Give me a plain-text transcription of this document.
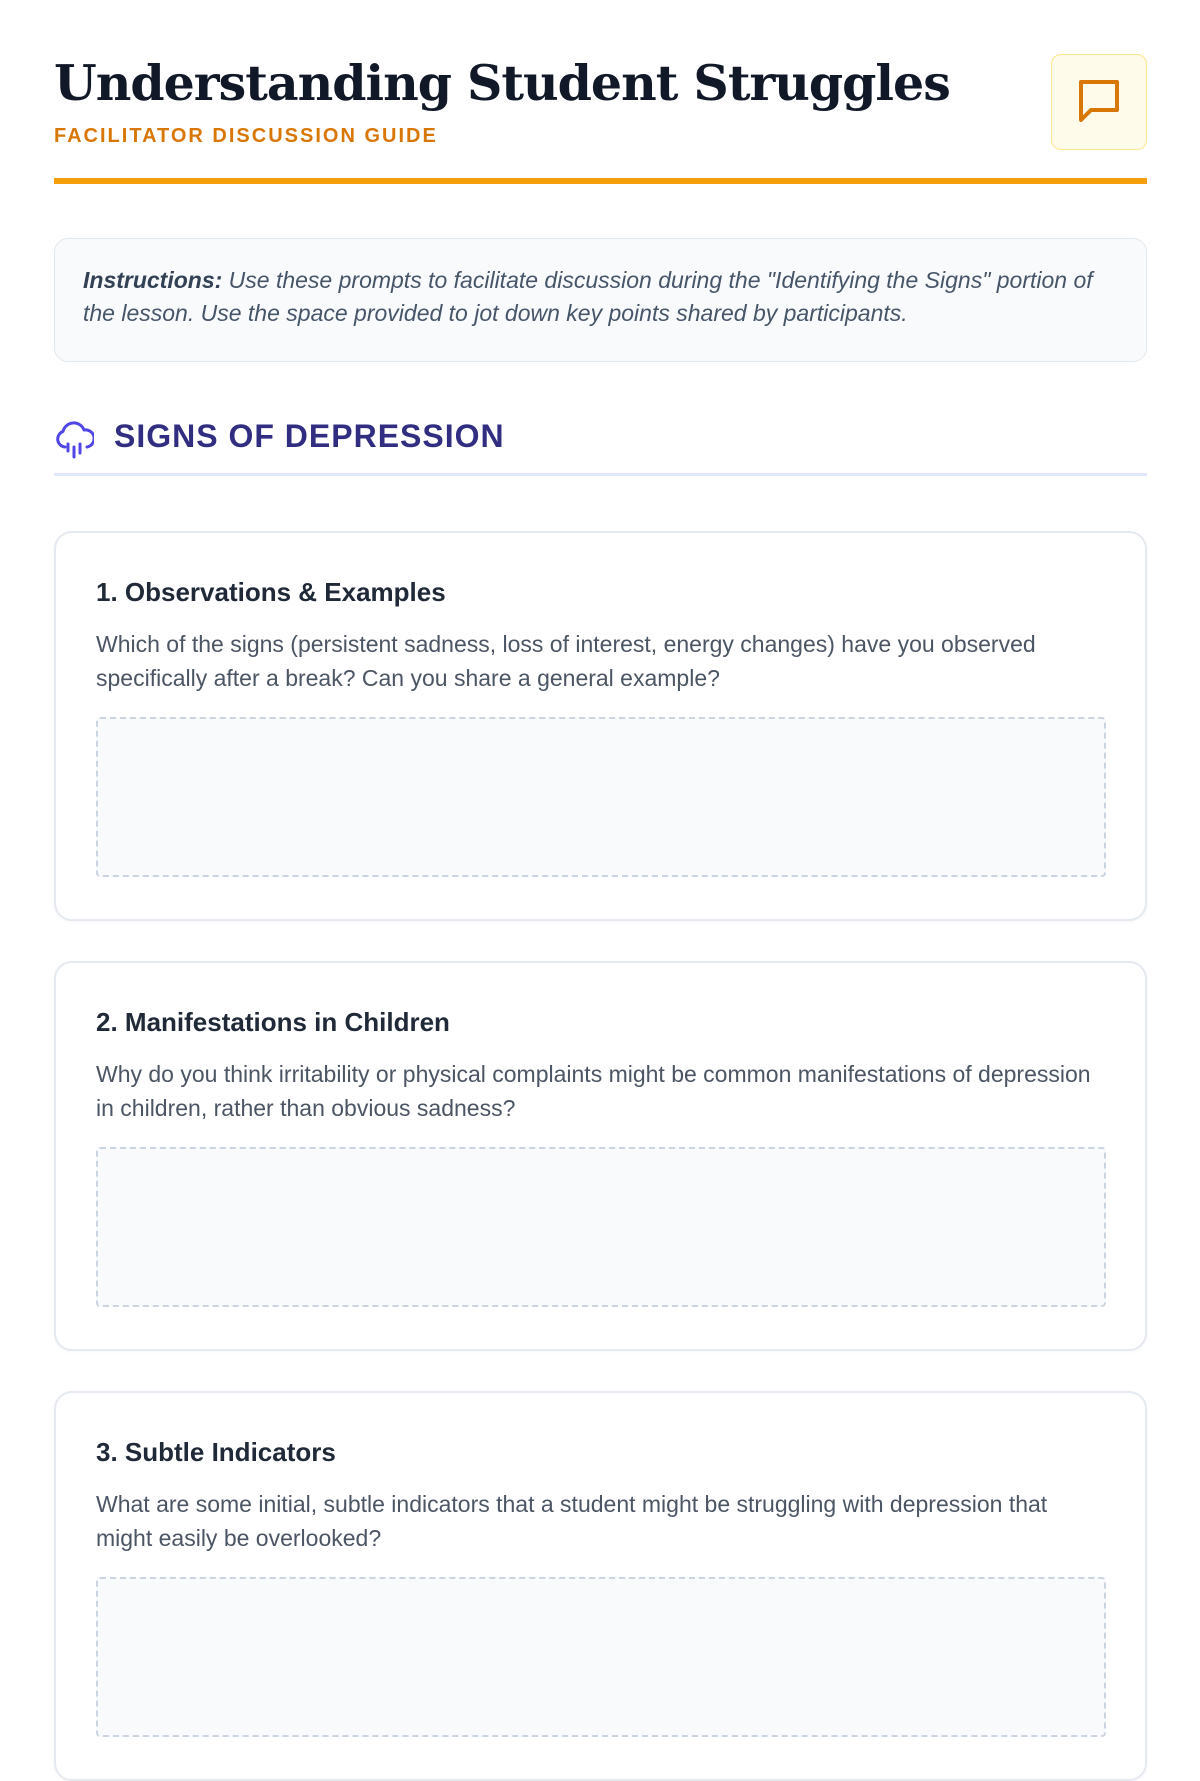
Understanding Student Struggles
FACILITATOR DISCUSSION GUIDE
Instructions: Use these prompts to facilitate discussion during the "Identifying the Signs" portion of the lesson. Use the space provided to jot down key points shared by participants.
SIGNS OF DEPRESSION
1. Observations & Examples

Which of the signs (persistent sadness, loss of interest, energy changes) have you observed specifically after a break? Can you share a general example?

2. Manifestations in Children

Why do you think irritability or physical complaints might be common manifestations of depression in children, rather than obvious sadness?

3. Subtle Indicators

What are some initial, subtle indicators that a student might be struggling with depression that might easily be overlooked?
